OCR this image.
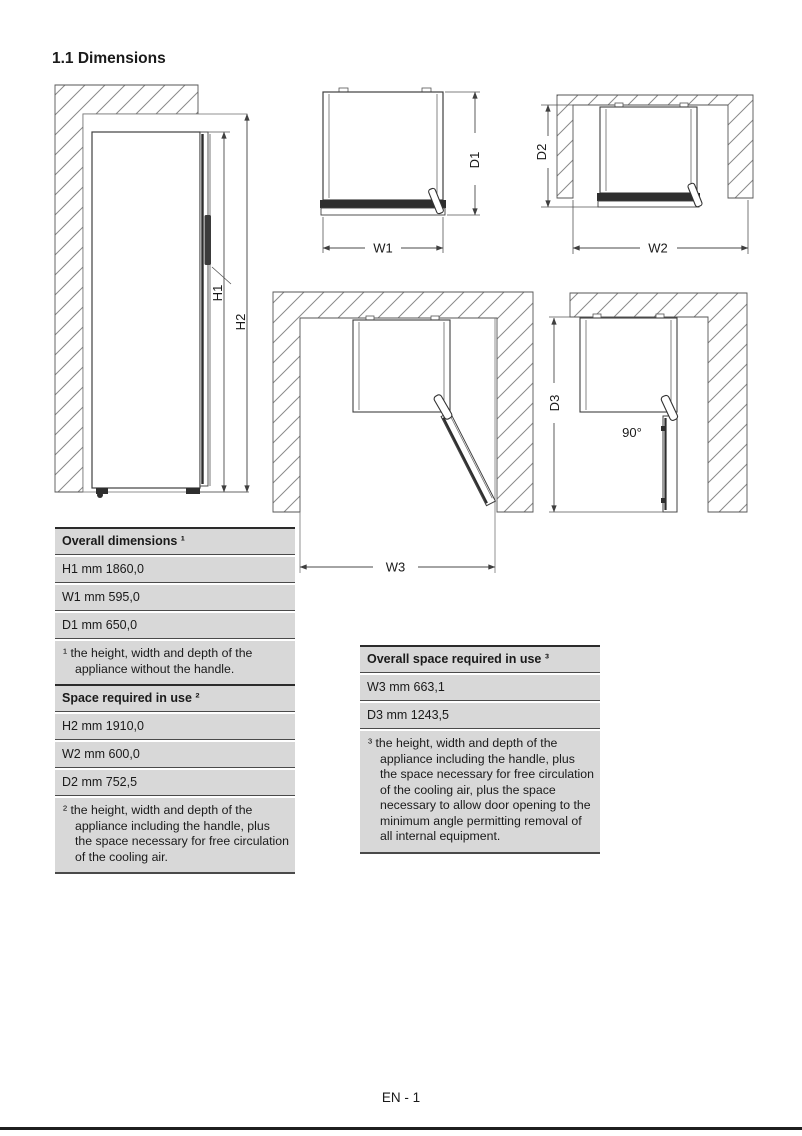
1.1 Dimensions
H1
H2
W1
D1	D2
W2
W3
90°
D3
Overall dimensions ¹
H1 mm 1860,0
W1 mm 595,0
D1 mm 650,0
¹ the height, width and depth of the appliance without the handle.
Space required in use ²
H2 mm 1910,0
W2 mm 600,0
D2 mm 752,5
² the height, width and depth of the appliance including the handle, plus the space necessary for free circulation of the cooling air.
Overall space required in use ³
W3 mm 663,1
D3 mm 1243,5
³ the height, width and depth of the appliance including the handle, plus the space necessary for free circulation of the cooling air, plus the space necessary to allow door opening to the minimum angle permitting removal of all internal equipment.
EN - 1
